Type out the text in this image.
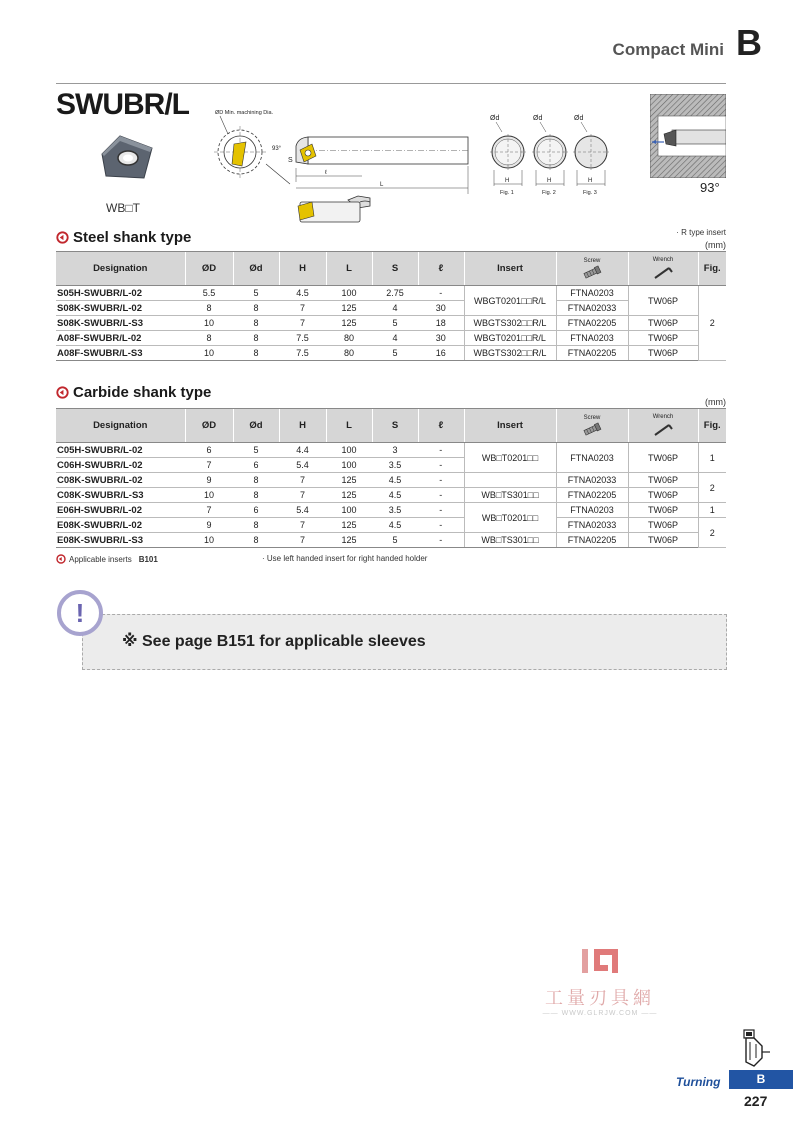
Compact Mini B
SWUBR/L
WB□T
ØD Min. machining Dia.
93°
S
ℓ
L
Ød
H
Fig. 1
Ød
H
Fig. 2
Ød
H
Fig. 3	93°
Steel shank type	· R type insert
(mm)
Designation	ØD	Ød	H	L	S	ℓ	Insert	Screw	Wrench	Fig.
S05H-SWUBR/L-02	5.5	5	4.5	100	2.75	-	WBGT0201□□R/L	FTNA0203	TW06P	2
S08K-SWUBR/L-02	8	8	7	125	4	30		FTNA02033		
S08K-SWUBR/L-S3	10	8	7	125	5	18	WBGTS302□□R/L	FTNA02205	TW06P	
A08F-SWUBR/L-02	8	8	7.5	80	4	30	WBGT0201□□R/L	FTNA0203	TW06P	
A08F-SWUBR/L-S3	10	8	7.5	80	5	16	WBGTS302□□R/L	FTNA02205	TW06P	
Carbide shank type
(mm)
Designation	ØD	Ød	H	L	S	ℓ	Insert	Screw	Wrench	Fig.
C05H-SWUBR/L-02	6	5	4.4	100	3	-	WB□T0201□□	FTNA0203	TW06P	1
C06H-SWUBR/L-02	7	6	5.4	100	3.5	-				
C08K-SWUBR/L-02	9	8	7	125	4.5	-		FTNA02033	TW06P	2
C08K-SWUBR/L-S3	10	8	7	125	4.5	-	WB□TS301□□	FTNA02205	TW06P	
E06H-SWUBR/L-02	7	6	5.4	100	3.5	-	WB□T0201□□	FTNA0203	TW06P	1
E08K-SWUBR/L-02	9	8	7	125	4.5	-		FTNA02033	TW06P	2
E08K-SWUBR/L-S3	10	8	7	125	5	-	WB□TS301□□	FTNA02205	TW06P	
Applicable inserts B101	· Use left handed insert for right handed holder
!
※ See page B151 for applicable sleeves
工量刃具網
—— WWW.GLRJW.COM ——
Turning	B
227
